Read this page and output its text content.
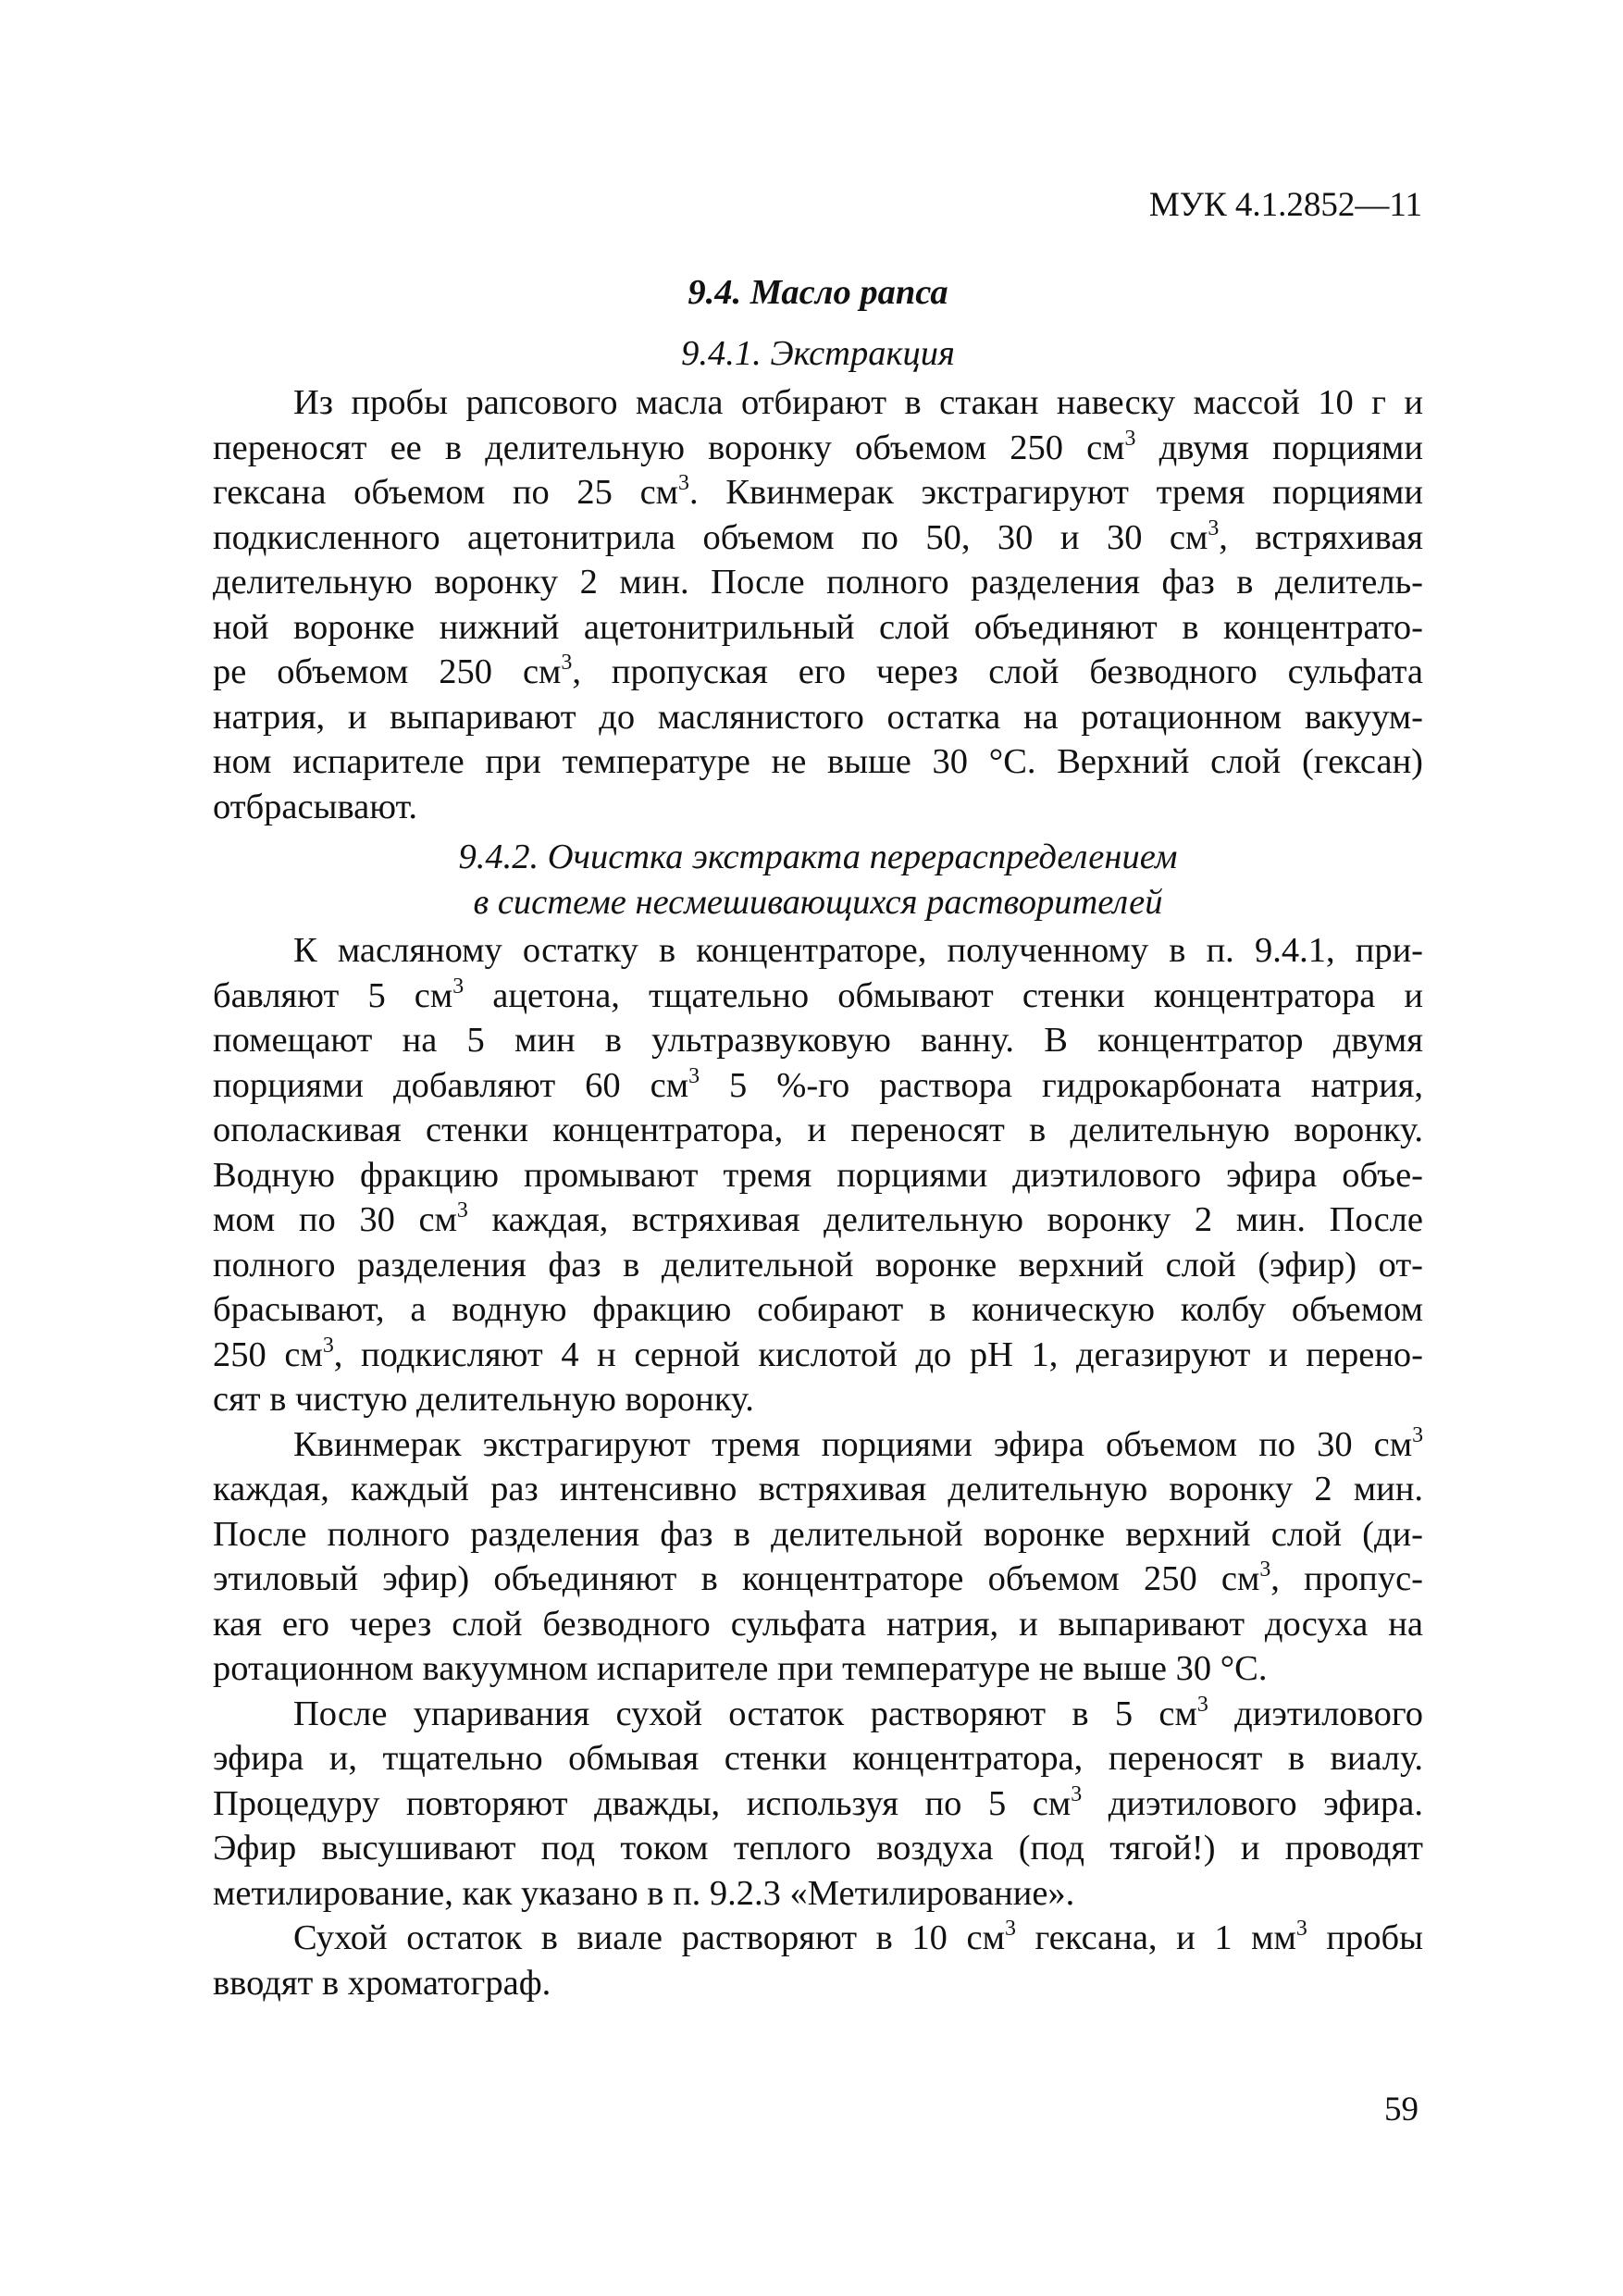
МУК 4.1.2852—11
9.4. Масло рапса
9.4.1. Экстракция
Из пробы рапсового масла отбирают в стакан навеску массой 10 г и
переносят ее в делительную воронку объемом 250 $см^3$ двумя порциями
гексана объемом по 25 $см^3$. Квинмерак экстрагируют тремя порциями
подкисленного ацетонитрила объемом по 50, 30 и 30 $см^3$, встряхивая
делительную воронку 2 мин. После полного разделения фаз в делитель-
ной воронке нижний ацетонитрильный слой объединяют в концентрато-
ре объемом 250 $см^3$, пропуская его через слой безводного сульфата
натрия, и выпаривают до маслянистого остатка на ротационном вакуум-
ном испарителе при температуре не выше 30 °C. Верхний слой (гексан)
отбрасывают.
9.4.2. Очистка экстракта перераспределением
в системе несмешивающихся растворителей
К масляному остатку в концентраторе, полученному в п. 9.4.1, при-
бавляют 5 $см^3$ ацетона, тщательно обмывают стенки концентратора и
помещают на 5 мин в ультразвуковую ванну. В концентратор двумя
порциями добавляют 60 $см^3$ 5 %-го раствора гидрокарбоната натрия,
ополаскивая стенки концентратора, и переносят в делительную воронку.
Водную фракцию промывают тремя порциями диэтилового эфира объе-
мом по 30 $см^3$ каждая, встряхивая делительную воронку 2 мин. После
полного разделения фаз в делительной воронке верхний слой (эфир) от-
брасывают, а водную фракцию собирают в коническую колбу объемом
250 $см^3$, подкисляют 4 н серной кислотой до pH 1, дегазируют и перено-
сят в чистую делительную воронку.
Квинмерак экстрагируют тремя порциями эфира объемом по 30 $см^3$
каждая, каждый раз интенсивно встряхивая делительную воронку 2 мин.
После полного разделения фаз в делительной воронке верхний слой (ди-
этиловый эфир) объединяют в концентраторе объемом 250 $см^3$, пропус-
кая его через слой безводного сульфата натрия, и выпаривают досуха на
ротационном вакуумном испарителе при температуре не выше 30 °C.
После упаривания сухой остаток растворяют в 5 $см^3$ диэтилового
эфира и, тщательно обмывая стенки концентратора, переносят в виалу.
Процедуру повторяют дважды, используя по 5 $см^3$ диэтилового эфира.
Эфир высушивают под током теплого воздуха (под тягой!) и проводят
метилирование, как указано в п. 9.2.3 «Метилирование».
Сухой остаток в виале растворяют в 10 $см^3$ гексана, и 1 $мм^3$ пробы
вводят в хроматограф.
59
